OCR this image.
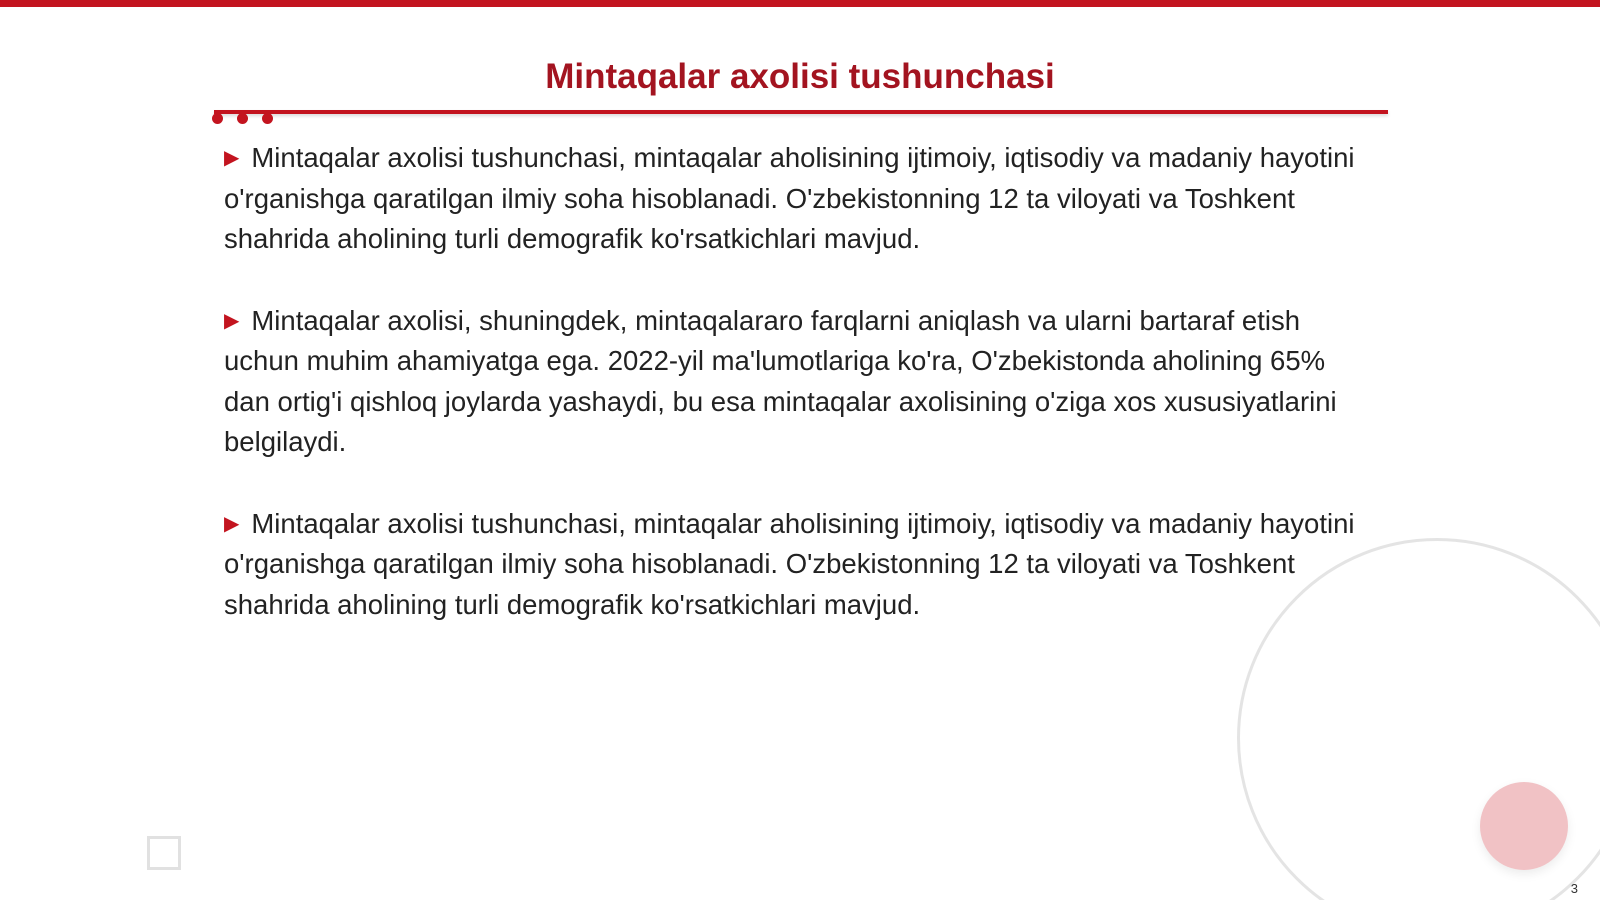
Mintaqalar axolisi tushunchasi

▶ Mintaqalar axolisi tushunchasi, mintaqalar aholisining ijtimoiy, iqtisodiy va madaniy hayotini o'rganishga qaratilgan ilmiy soha hisoblanadi. O'zbekistonning 12 ta viloyati va Toshkent shahrida aholining turli demografik ko'rsatkichlari mavjud.

▶ Mintaqalar axolisi, shuningdek, mintaqalararo farqlarni aniqlash va ularni bartaraf etish uchun muhim ahamiyatga ega. 2022-yil ma'lumotlariga ko'ra, O'zbekistonda aholining 65% dan ortig'i qishloq joylarda yashaydi, bu esa mintaqalar axolisining o'ziga xos xususiyatlarini belgilaydi.

▶ Mintaqalar axolisi tushunchasi, mintaqalar aholisining ijtimoiy, iqtisodiy va madaniy hayotini o'rganishga qaratilgan ilmiy soha hisoblanadi. O'zbekistonning 12 ta viloyati va Toshkent shahrida aholining turli demografik ko'rsatkichlari mavjud.

3
